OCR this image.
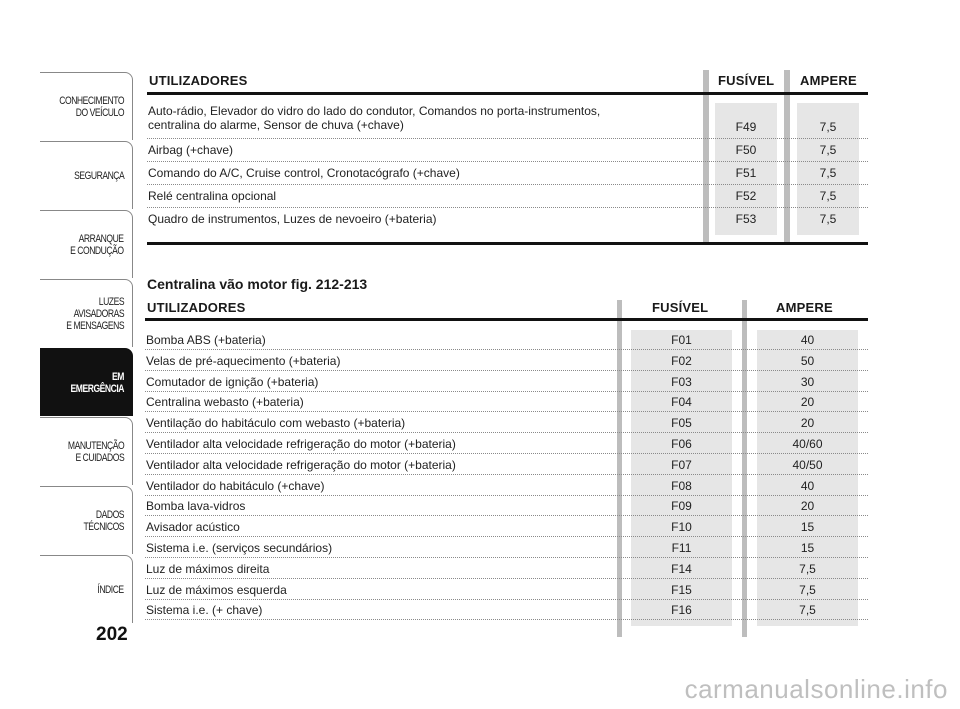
CONHECIMENTO
DO VEÍCULO
SEGURANÇA
ARRANQUE
E CONDUÇÃO
LUZES
AVISADORAS
E MENSAGENS
EM EMERGÊNCIA
MANUTENÇÃO
E CUIDADOS
DADOS
TÉCNICOS
ÍNDICE
202
UTILIZADORES	FUSÍVEL AMPERE
Auto-rádio, Elevador do vidro do lado do condutor, Comandos no porta-instrumentos,
centralina do alarme, Sensor de chuva (+chave)	F49	7,5
Airbag (+chave)	F50	7,5
Comando do A/C, Cruise control, Cronotacógrafo (+chave)	F51	7,5
Relé centralina opcional	F52	7,5
Quadro de instrumentos, Luzes de nevoeiro (+bateria)	F53	7,5
Centralina vão motor fig. 212-213
UTILIZADORES	FUSÍVEL	AMPERE
Bomba ABS (+bateria)	F01	40
Velas de pré-aquecimento (+bateria)	F02	50
Comutador de ignição (+bateria)	F03	30
Centralina webasto (+bateria)	F04	20
Ventilação do habitáculo com webasto (+bateria)	F05	20
Ventilador alta velocidade refrigeração do motor (+bateria)	F06	40/60
Ventilador alta velocidade refrigeração do motor (+bateria)	F07	40/50
Ventilador do habitáculo (+chave)	F08	40
Bomba lava-vidros	F09	20
Avisador acústico	F10	15
Sistema i.e. (serviços secundários)	F11	15
Luz de máximos direita	F14	7,5
Luz de máximos esquerda	F15	7,5
Sistema i.e. (+ chave)	F16	7,5
carmanualsonline.info
